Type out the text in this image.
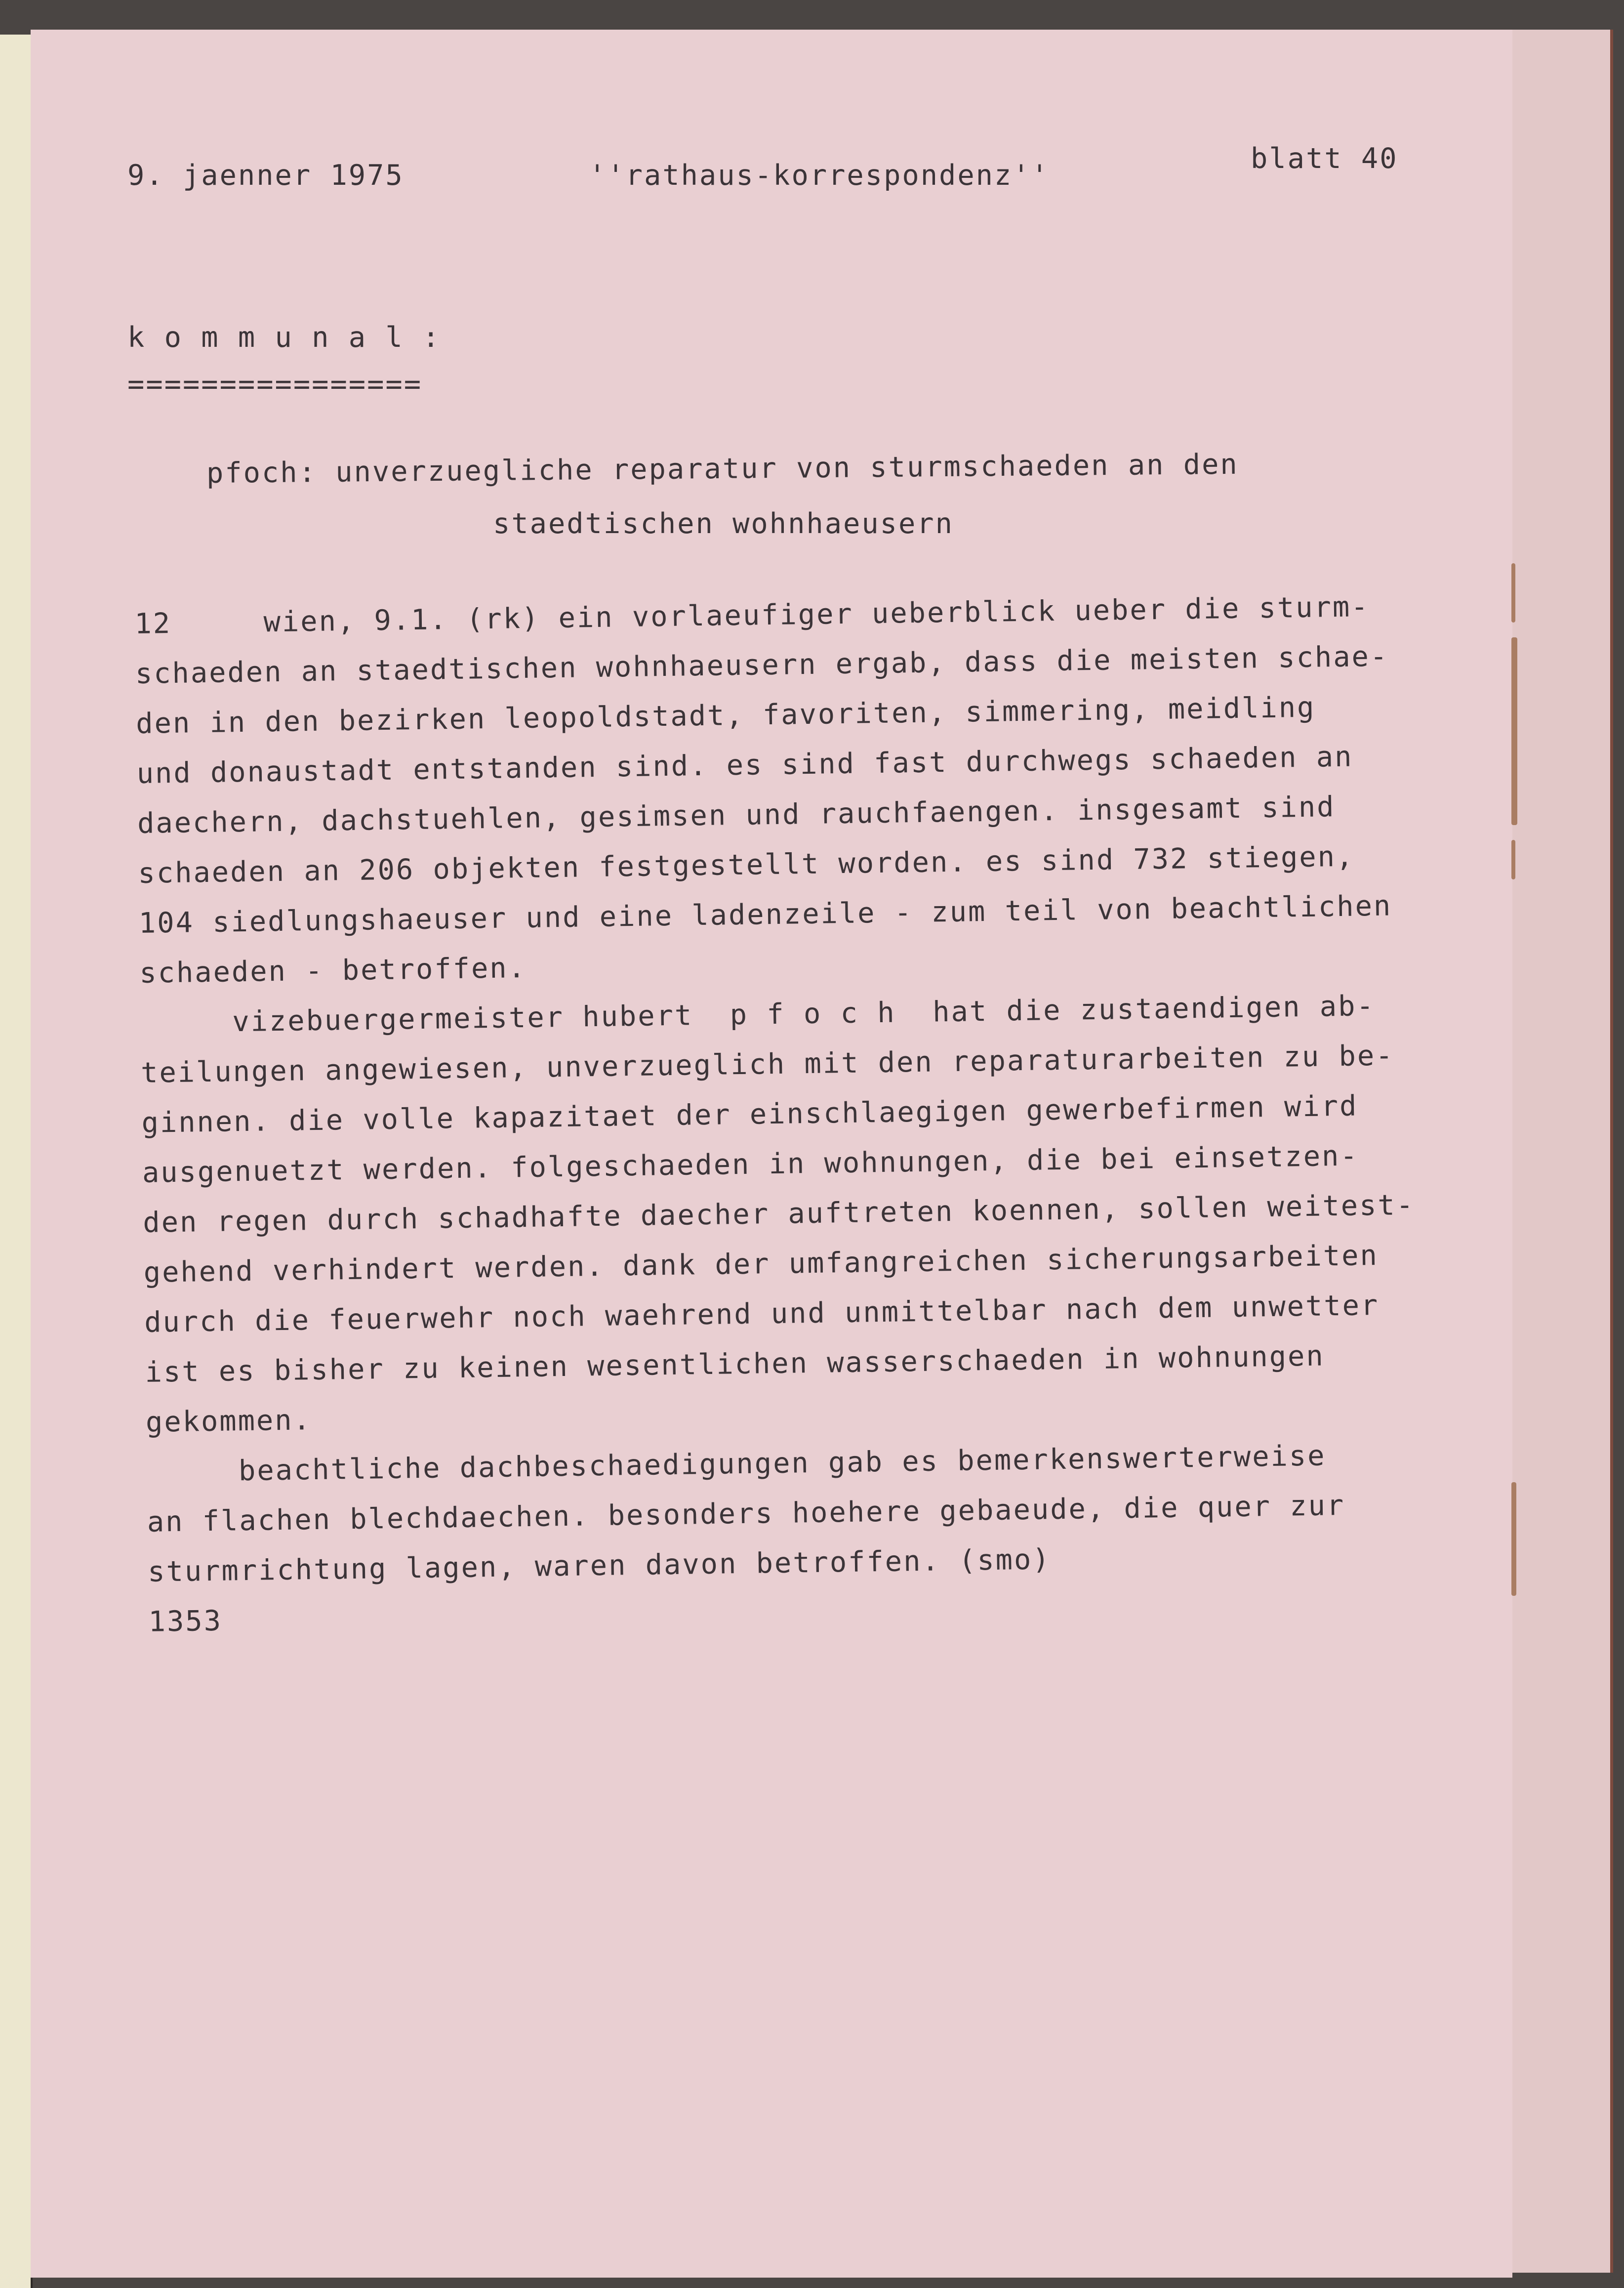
9. jaenner 1975	''rathaus-korrespondenz''

blatt 40

k o m m u n a l :

================

pfoch: unverzuegliche reparatur von sturmschaeden an den

staedtischen wohnhaeusern

12     wien, 9.1. (rk) ein vorlaeufiger ueberblick ueber die sturm-

schaeden an staedtischen wohnhaeusern ergab, dass die meisten schae-

den in den bezirken leopoldstadt, favoriten, simmering, meidling

und donaustadt entstanden sind. es sind fast durchwegs schaeden an

daechern, dachstuehlen, gesimsen und rauchfaengen. insgesamt sind

schaeden an 206 objekten festgestellt worden. es sind 732 stiegen,

104 siedlungshaeuser und eine ladenzeile - zum teil von beachtlichen

schaeden - betroffen.

vizebuergermeister hubert  p f o c h  hat die zustaendigen ab-

teilungen angewiesen, unverzueglich mit den reparaturarbeiten zu be-

ginnen. die volle kapazitaet der einschlaegigen gewerbefirmen wird

ausgenuetzt werden. folgeschaeden in wohnungen, die bei einsetzen-

den regen durch schadhafte daecher auftreten koennen, sollen weitest-

gehend verhindert werden. dank der umfangreichen sicherungsarbeiten

durch die feuerwehr noch waehrend und unmittelbar nach dem unwetter

ist es bisher zu keinen wesentlichen wasserschaeden in wohnungen

gekommen.

beachtliche dachbeschaedigungen gab es bemerkenswerterweise

an flachen blechdaechen. besonders hoehere gebaeude, die quer zur

sturmrichtung lagen, waren davon betroffen. (smo)

1353
